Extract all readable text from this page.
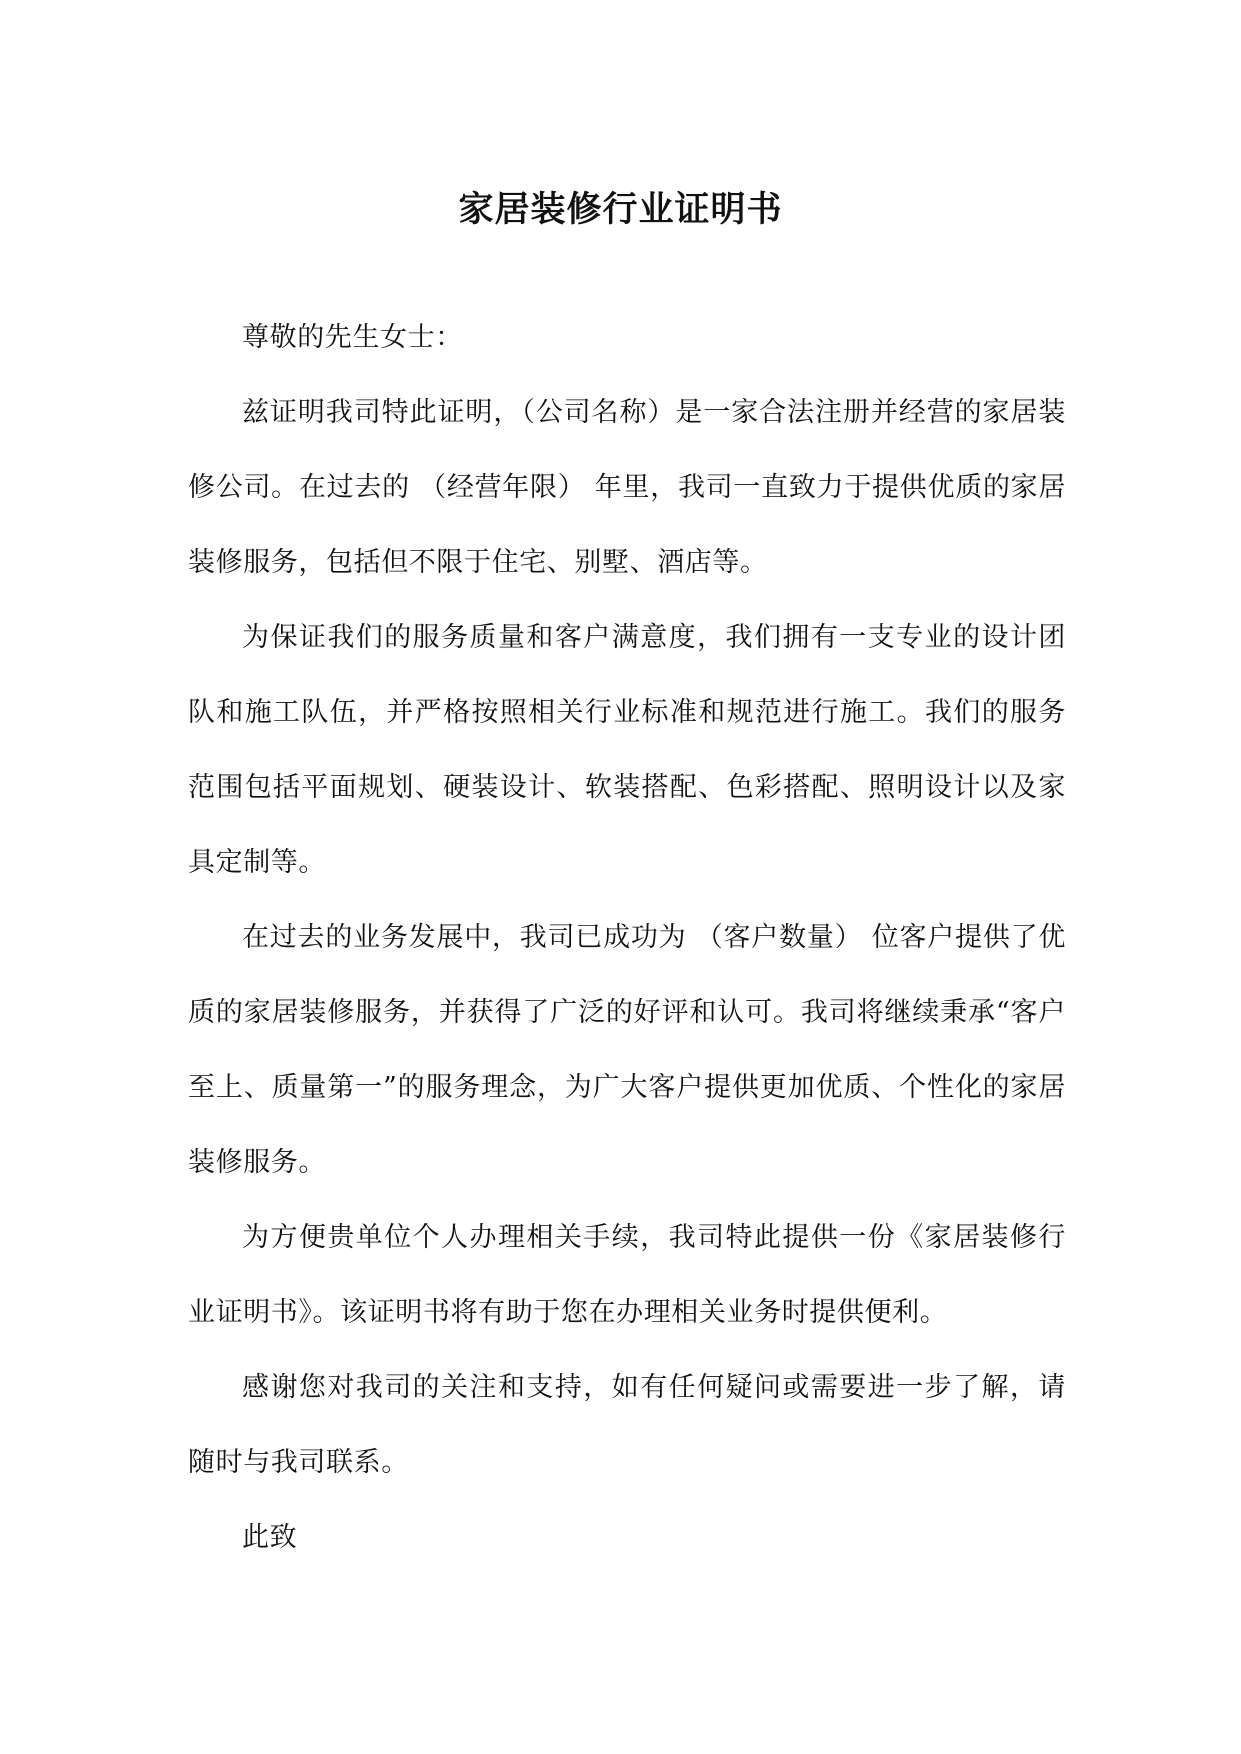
家居装修行业证明书

尊敬的先生女士：

兹证明我司特此证明，（公司名称）是一家合法注册并经营的家居装修公司。在过去的 （经营年限） 年里，我司一直致力于提供优质的家居装修服务，包括但不限于住宅、别墅、酒店等。

为保证我们的服务质量和客户满意度，我们拥有一支专业的设计团队和施工队伍，并严格按照相关行业标准和规范进行施工。我们的服务范围包括平面规划、硬装设计、软装搭配、色彩搭配、照明设计以及家具定制等。

在过去的业务发展中，我司已成功为 （客户数量） 位客户提供了优质的家居装修服务，并获得了广泛的好评和认可。我司将继续秉承“客户至上、质量第一”的服务理念，为广大客户提供更加优质、个性化的家居装修服务。

为方便贵单位个人办理相关手续，我司特此提供一份《家居装修行业证明书》。该证明书将有助于您在办理相关业务时提供便利。

感谢您对我司的关注和支持，如有任何疑问或需要进一步了解，请随时与我司联系。

此致
